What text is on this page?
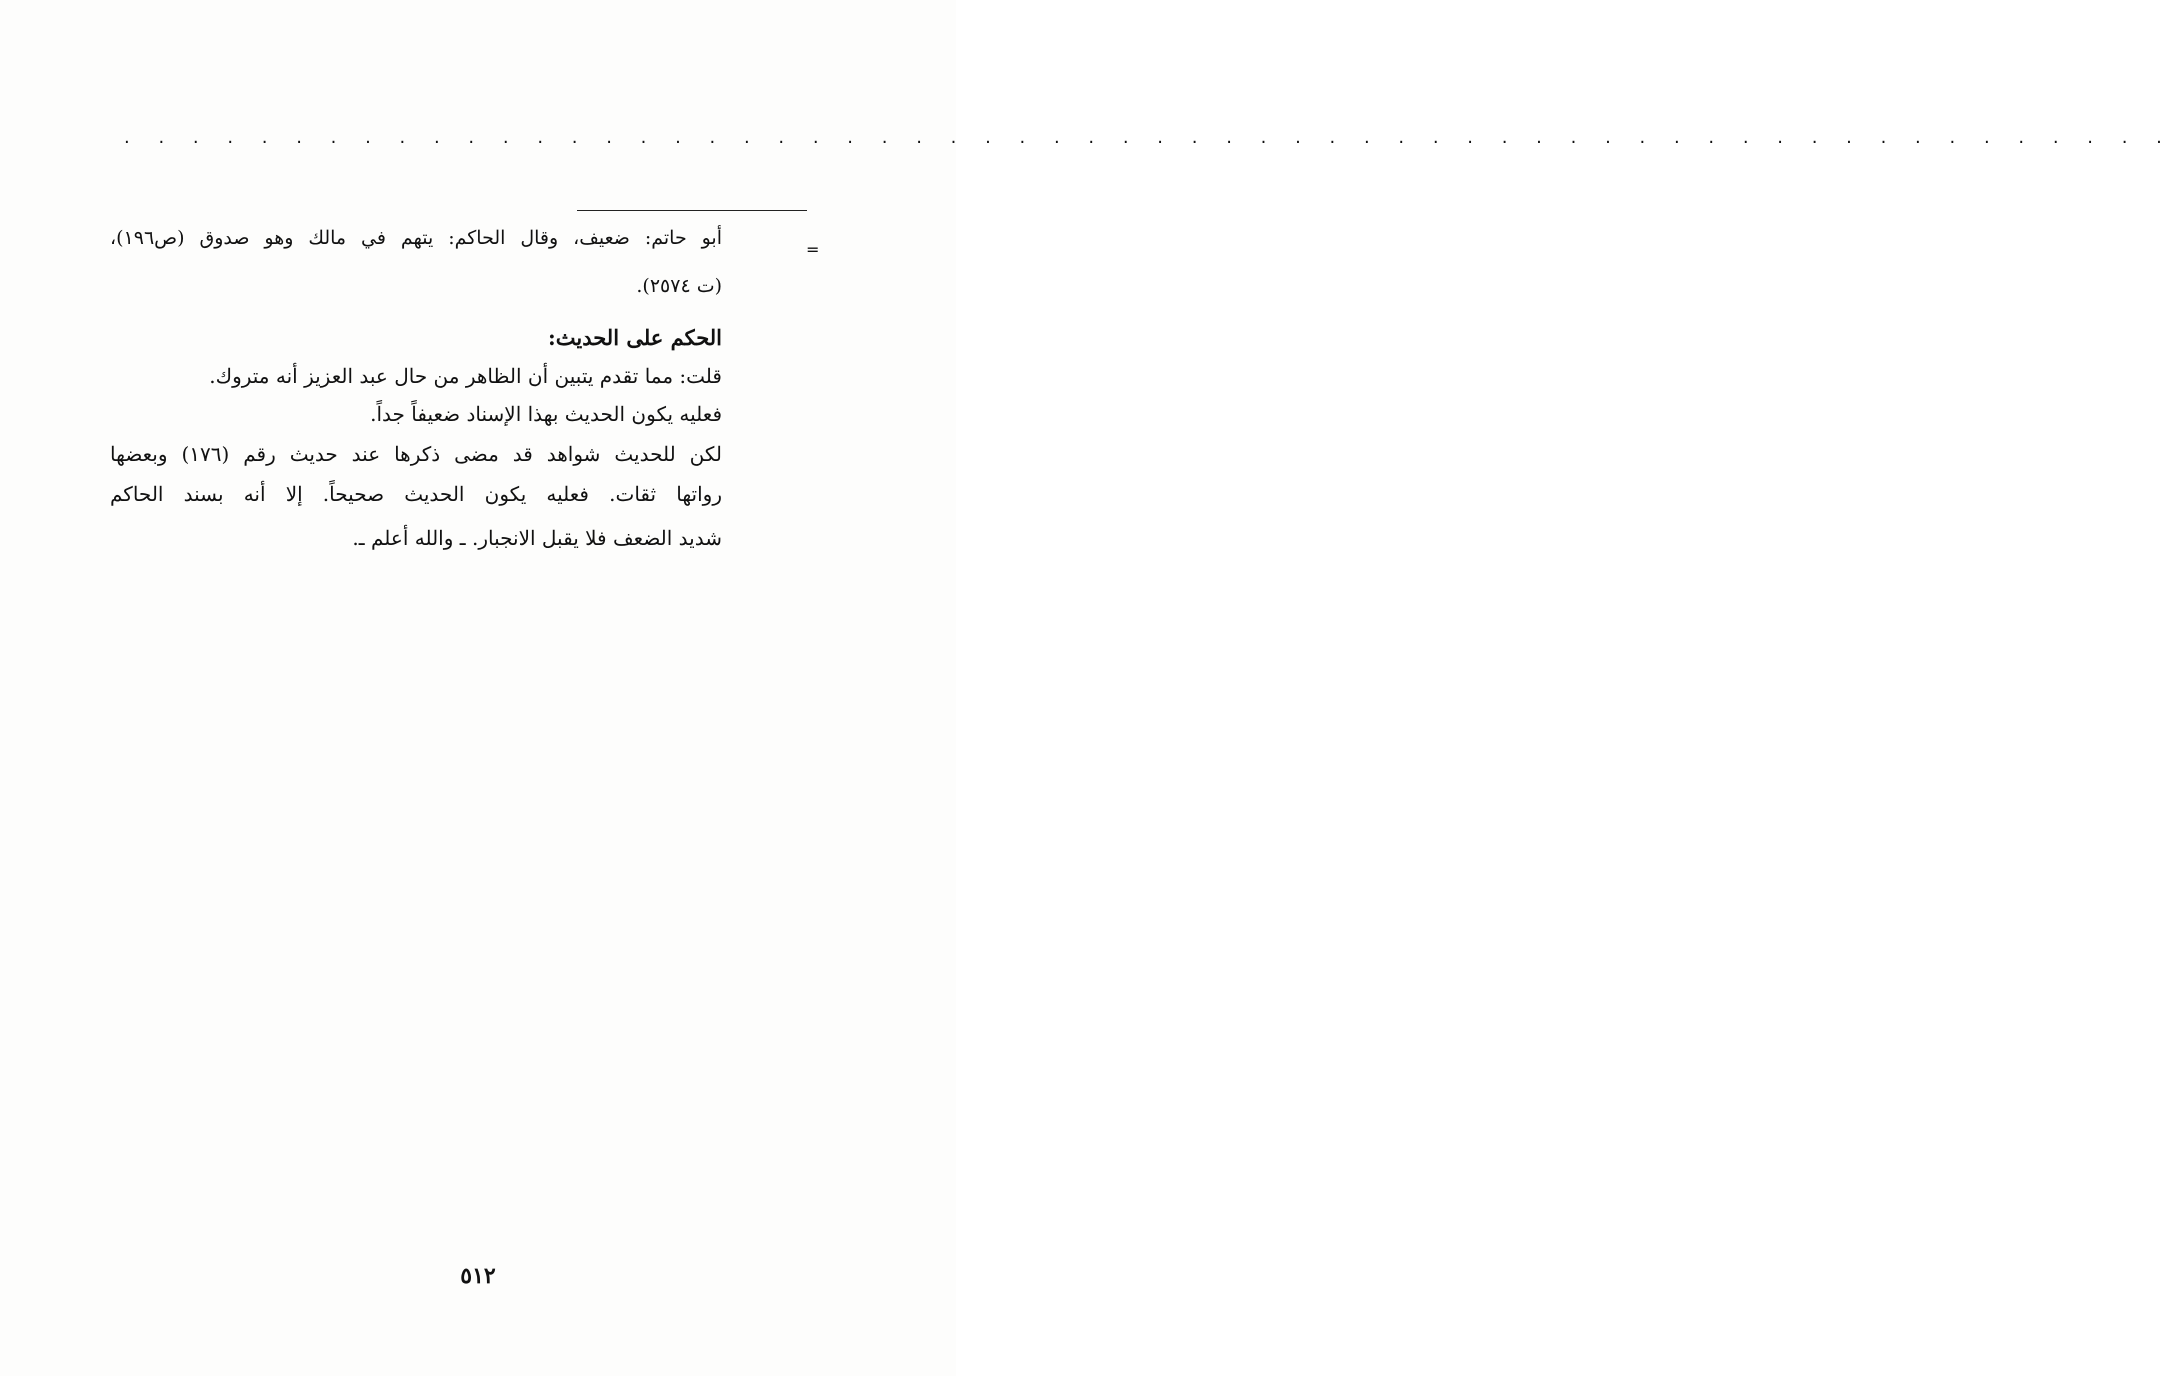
. . . . . . . . . . . . . . . . . . . . . . . . . . . . . . . . . . . . . . . . . . . . . . . . . . . . . . . . . . . .
=
أبو حاتم: ضعيف، وقال الحاكم: يتهم في مالك وهو صدوق (ص١٩٦)،
(ت ٢٥٧٤).
الحكم على الحديث:
قلت: مما تقدم يتبين أن الظاهر من حال عبد العزيز أنه متروك.
فعليه يكون الحديث بهذا الإسناد ضعيفاً جداً.
لكن للحديث شواهد قد مضى ذكرها عند حديث رقم (١٧٦) وبعضها
رواتها ثقات. فعليه يكون الحديث صحيحاً. إلا أنه بسند الحاكم
شديد الضعف فلا يقبل الانجبار. ـ والله أعلم ـ.
٥١٢
